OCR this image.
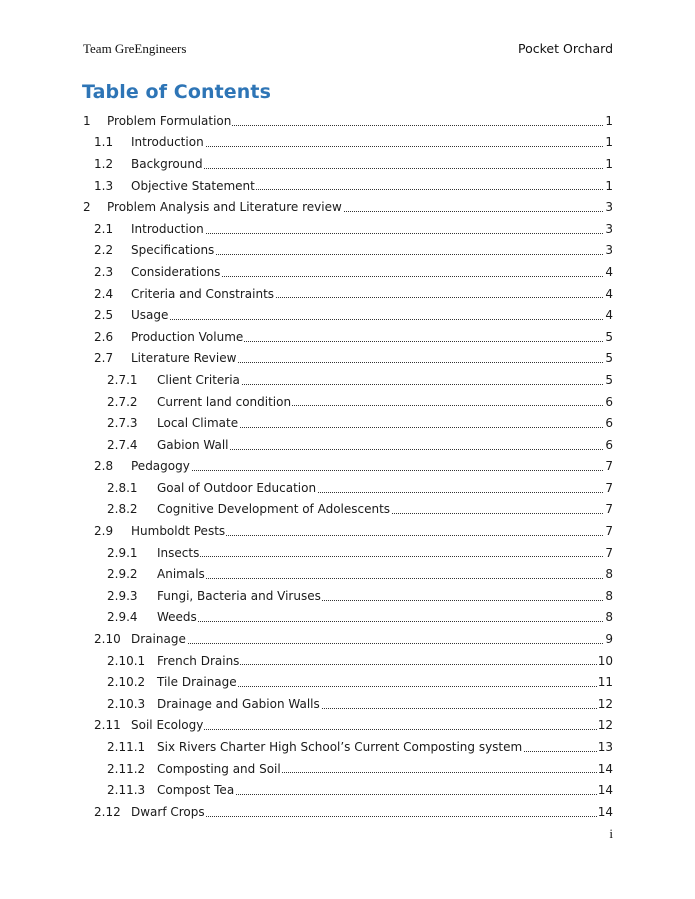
Team GreEngineers	Pocket Orchard
Table of Contents
1 Problem Formulation	1
1.1 Introduction	1
1.2 Background	1
1.3 Objective Statement	1
2 Problem Analysis and Literature review	3
2.1 Introduction	3
2.2 Specifications	3
2.3 Considerations	4
2.4 Criteria and Constraints	4
2.5 Usage	4
2.6 Production Volume	5
2.7 Literature Review	5
2.7.1 Client Criteria	5
2.7.2 Current land condition	6
2.7.3 Local Climate	6
2.7.4 Gabion Wall	6
2.8 Pedagogy	7
2.8.1 Goal of Outdoor Education	7
2.8.2 Cognitive Development of Adolescents	7
2.9 Humboldt Pests	7
2.9.1 Insects	7
2.9.2 Animals	8
2.9.3 Fungi, Bacteria and Viruses	8
2.9.4 Weeds	8
2.10 Drainage	9
2.10.1 French Drains	10
2.10.2 Tile Drainage	11
2.10.3 Drainage and Gabion Walls	12
2.11 Soil Ecology	12
2.11.1 Six Rivers Charter High School’s Current Composting system	13
2.11.2 Composting and Soil	14
2.11.3 Compost Tea	14
2.12 Dwarf Crops	14
i
